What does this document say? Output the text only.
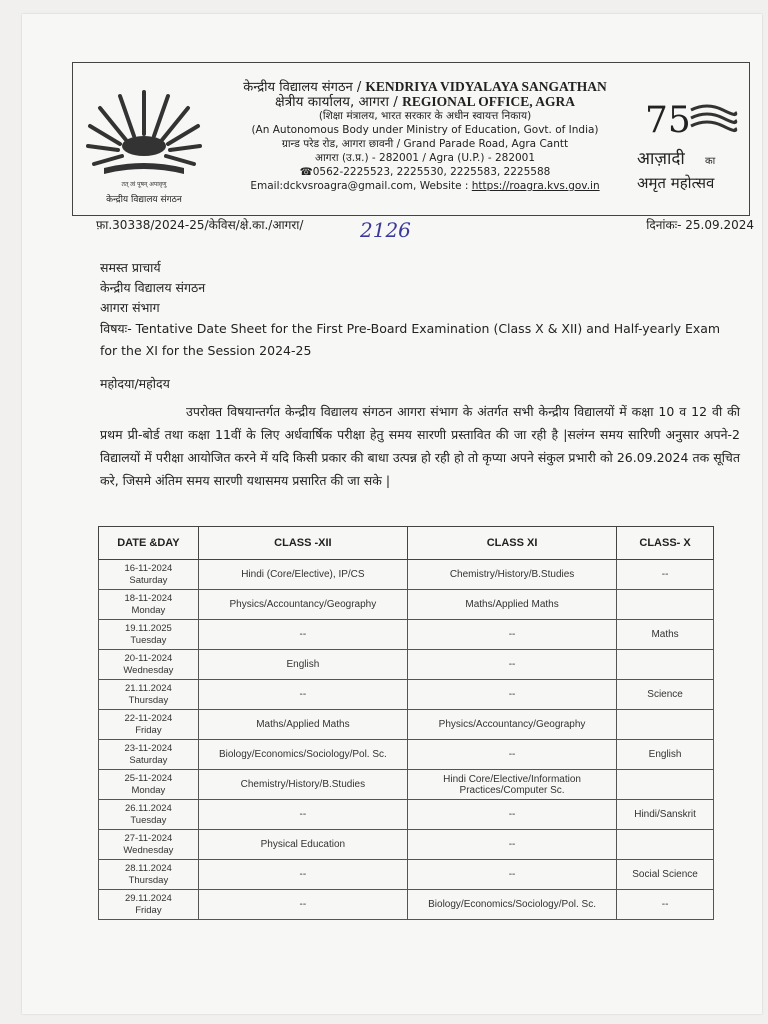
तत् त्वं पूषन् अपावृणु
केन्द्रीय विद्यालय संगठन
केन्द्रीय विद्यालय संगठन / KENDRIYA VIDYALAYA SANGATHAN
क्षेत्रीय कार्यालय, आगरा / REGIONAL OFFICE, AGRA
(शिक्षा मंत्रालय, भारत सरकार के अधीन स्वायत्त निकाय)
(An Autonomous Body under Ministry of Education, Govt. of India)
ग्रान्ड परेड रोड, आगरा छावनी / Grand Parade Road, Agra Cantt
आगरा (उ.प्र.) - 282001 / Agra (U.P.) - 282001
☎0562-2225523, 2225530, 2225583, 2225588
Email:dckvsroagra@gmail.com, Website : https://roagra.kvs.gov.in
75
आज़ादी का
अमृत महोत्सव
फ़ा.30338/2024-25/केविस/क्षे.का./आगरा/	2126	दिनांकः- 25.09.2024
समस्त प्राचार्य
केन्द्रीय विद्यालय संगठन
आगरा संभाग
विषयः- Tentative Date Sheet for the First Pre-Board Examination (Class X & XII) and Half-yearly Exam for the XI for the Session 2024-25
महोदया/महोदय
उपरोक्त विषयान्तर्गत केन्द्रीय विद्यालय संगठन आगरा संभाग के अंतर्गत सभी केन्द्रीय विद्यालयों में कक्षा 10 व 12 वी की प्रथम प्री-बोर्ड तथा कक्षा 11वीं के लिए अर्धवार्षिक परीक्षा हेतु समय सारणी प्रस्तावित की जा रही है |सलंग्न समय सारिणी अनुसार अपने-2 विद्यालयों में परीक्षा आयोजित करने में यदि किसी प्रकार की बाधा उत्पन्न हो रही हो तो कृप्या अपने संकुल प्रभारी को 26.09.2024 तक सूचित करे, जिसमे अंतिम समय सारणी यथासमय प्रसारित की जा सके |
DATE &DAY	CLASS -XII	CLASS XI	CLASS- X

16-11-2024
Saturday	Hindi (Core/Elective), IP/CS	Chemistry/History/B.Studies	--

18-11-2024
Monday	Physics/Accountancy/Geography	Maths/Applied Maths	

19.11.2025
Tuesday	--	--	Maths

20-11-2024
Wednesday	English	--	

21.11.2024
Thursday	--	--	Science

22-11-2024
Friday	Maths/Applied Maths	Physics/Accountancy/Geography	

23-11-2024
Saturday	Biology/Economics/Sociology/Pol. Sc.	--	English

25-11-2024
Monday	Chemistry/History/B.Studies	Hindi Core/Elective/Information Practices/Computer Sc.	

26.11.2024
Tuesday	--	--	Hindi/Sanskrit

27-11-2024
Wednesday	Physical Education	--	

28.11.2024
Thursday	--	--	Social Science

29.11.2024
Friday	--	Biology/Economics/Sociology/Pol. Sc.	--
